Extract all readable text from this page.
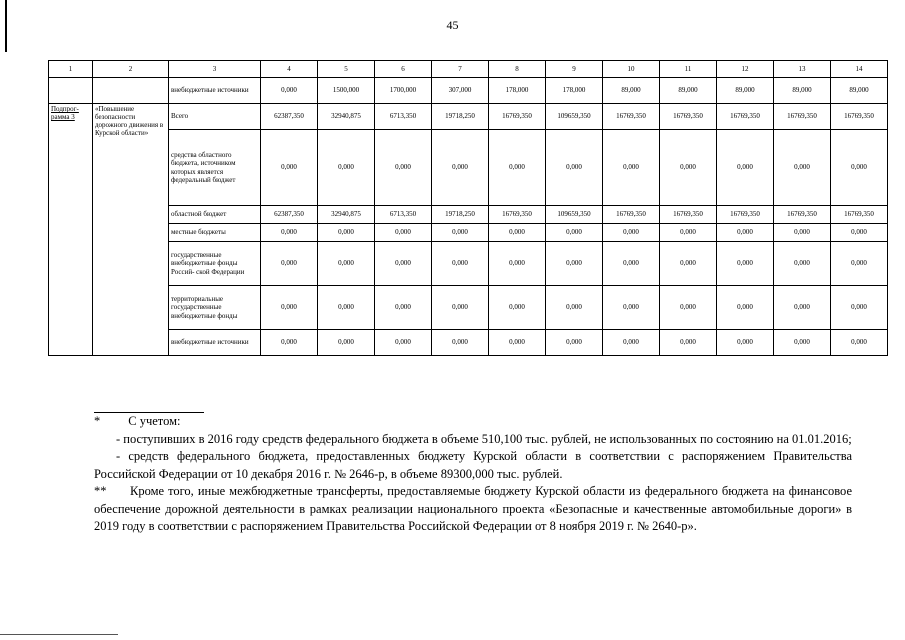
45
1	2	3	4	5	6	7	8	9	10	11	12	13	14
		внебюджетные источники	0,000	1500,000	1700,000	307,000	178,000	178,000	89,000	89,000	89,000	89,000	89,000
Подпрог- рамма 3	«Повышение безопасности дорожного движения в Курской области»	Всего	62387,350	32940,875	6713,350	19718,250	16769,350	109659,350	16769,350	16769,350	16769,350	16769,350	16769,350
		средства областного бюджета, источником которых является федеральный бюджет	0,000	0,000	0,000	0,000	0,000	0,000	0,000	0,000	0,000	0,000	0,000
		областной бюджет	62387,350	32940,875	6713,350	19718,250	16769,350	109659,350	16769,350	16769,350	16769,350	16769,350	16769,350
		местные бюджеты	0,000	0,000	0,000	0,000	0,000	0,000	0,000	0,000	0,000	0,000	0,000
		государственные внебюджетные фонды Россий- ской Федерации	0,000	0,000	0,000	0,000	0,000	0,000	0,000	0,000	0,000	0,000	0,000
		территориальные государственные внебюджетные фонды	0,000	0,000	0,000	0,000	0,000	0,000	0,000	0,000	0,000	0,000	0,000
		внебюджетные источники	0,000	0,000	0,000	0,000	0,000	0,000	0,000	0,000	0,000	0,000	0,000

* С учетом:

- поступивших в 2016 году средств федерального бюджета в объеме 510,100 тыс. рублей, не использованных по состоянию на 01.01.2016;

- средств федерального бюджета, предоставленных бюджету Курской области в соответствии с распоряжением Правительства Российской Федерации от 10 декабря 2016 г. № 2646-р, в объеме 89300,000 тыс. рублей.

** Кроме того, иные межбюджетные трансферты, предоставляемые бюджету Курской области из федерального бюджета на финансовое обеспечение дорожной деятельности в рамках реализации национального проекта «Безопасные и качественные автомобильные дороги» в 2019 году в соответствии с распоряжением Правительства Российской Федерации от 8 ноября 2019 г. № 2640-р».
